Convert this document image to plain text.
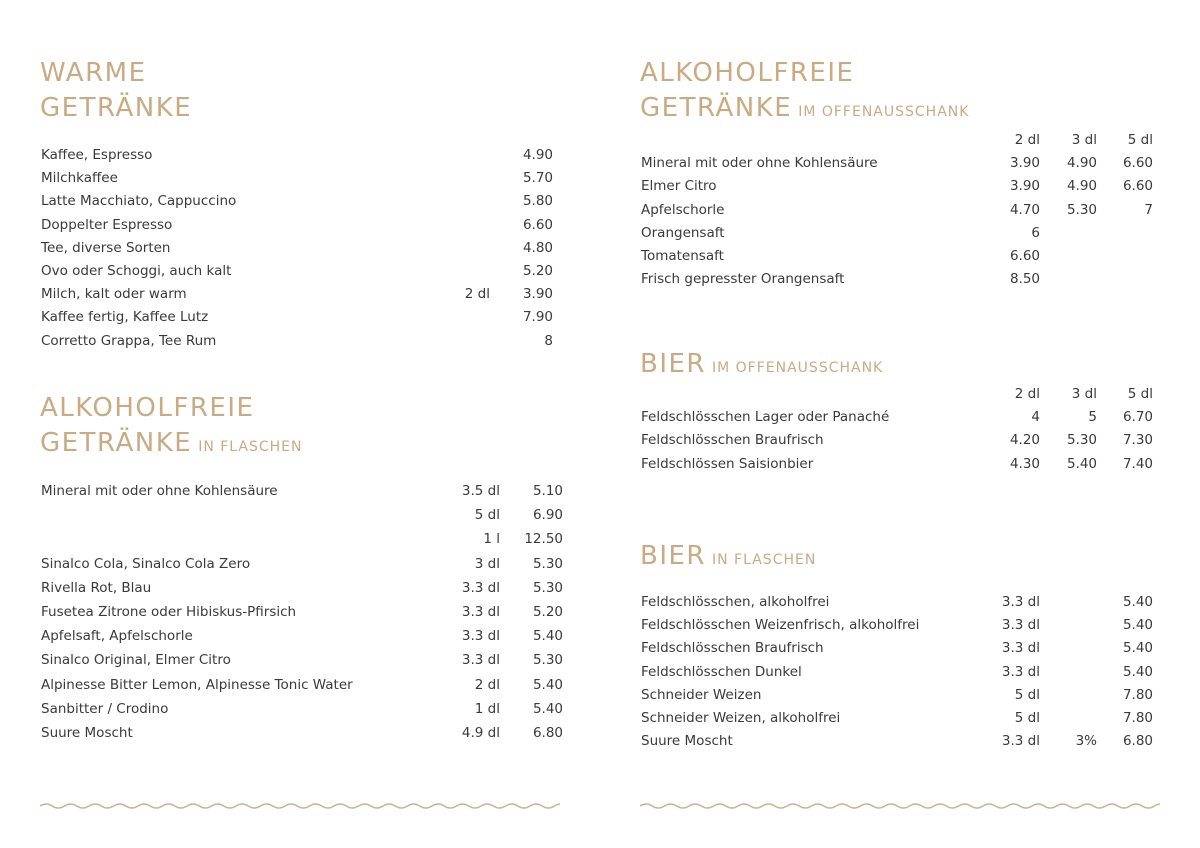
WARME
GETRÄNKE
Kaffee, Espresso	4.90
Milchkaffee	5.70
Latte Macchiato, Cappuccino	5.80
Doppelter Espresso	6.60
Tee, diverse Sorten	4.80
Ovo oder Schoggi, auch kalt	5.20
Milch, kalt oder warm	2 dl 3.90
Kaffee fertig, Kaffee Lutz	7.90
Corretto Grappa, Tee Rum	8
ALKOHOLFREIE
GETRÄNKE IN FLASCHEN
Mineral mit oder ohne Kohlensäure	3.5 dl 5.10
5 dl 6.90
1 l 12.50
Sinalco Cola, Sinalco Cola Zero	3 dl 5.30
Rivella Rot, Blau	3.3 dl 5.30
Fusetea Zitrone oder Hibiskus-Pfirsich	3.3 dl 5.20
Apfelsaft, Apfelschorle	3.3 dl 5.40
Sinalco Original, Elmer Citro	3.3 dl 5.30
Alpinesse Bitter Lemon, Alpinesse Tonic Water	2 dl 5.40
Sanbitter / Crodino	1 dl 5.40
Suure Moscht	4.9 dl 6.80
ALKOHOLFREIE
GETRÄNKE IM OFFENAUSSCHANK
2 dl 3 dl 5 dl
Mineral mit oder ohne Kohlensäure	3.90 4.90 6.60
Elmer Citro	3.90 4.90 6.60
Apfelschorle	4.70 5.30	7
Orangensaft	6
Tomatensaft	6.60
Frisch gepresster Orangensaft	8.50
BIER IM OFFENAUSSCHANK
2 dl 3 dl 5 dl
Feldschlösschen Lager oder Panaché	4	5 6.70
Feldschlösschen Braufrisch	4.20 5.30 7.30
Feldschlössen Saisionbier	4.30 5.40 7.40
BIER IN FLASCHEN
Feldschlösschen, alkoholfrei	3.3 dl	5.40
Feldschlösschen Weizenfrisch, alkoholfrei	3.3 dl	5.40
Feldschlösschen Braufrisch	3.3 dl	5.40
Feldschlösschen Dunkel	3.3 dl	5.40
Schneider Weizen	5 dl	7.80
Schneider Weizen, alkoholfrei	5 dl	7.80
Suure Moscht	3.3 dl	3% 6.80
